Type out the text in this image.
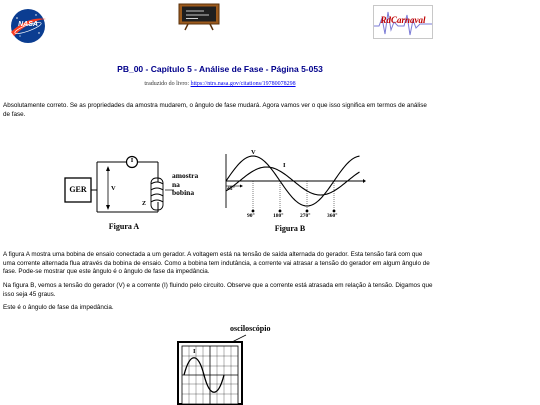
NASA	RdCarnaval
PB_00 - Capítulo 5 - Análise de Fase - Página 5-053
traduzido do livro: https://ntrs.nasa.gov/citations/19780078298
Absolutamente correto. Se as propriedades da amostra mudarem, o ângulo de fase mudará. Agora vamos ver o que isso significa em termos de análise de fase.
GER
I
V
Z
amostra
na
bobina
Figura A
V
I
45°
90°	180°	270°	360°
Figura B
A figura A mostra uma bobina de ensaio conectada a um gerador. A voltagem está na tensão de saída alternada do gerador. Esta tensão fará com que uma corrente alternada flua através da bobina de ensaio. Como a bobina tem indutância, a corrente vai atrasar a tensão do gerador em algum ângulo de fase. Pode-se mostrar que este ângulo é o ângulo de fase da impedância.
Na figura B, vemos a tensão do gerador (V) e a corrente (I) fluindo pelo circuito. Observe que a corrente está atrasada em relação à tensão. Digamos que isso seja 45 graus.
Este é o ângulo de fase da impedância.
osciloscópio
I
